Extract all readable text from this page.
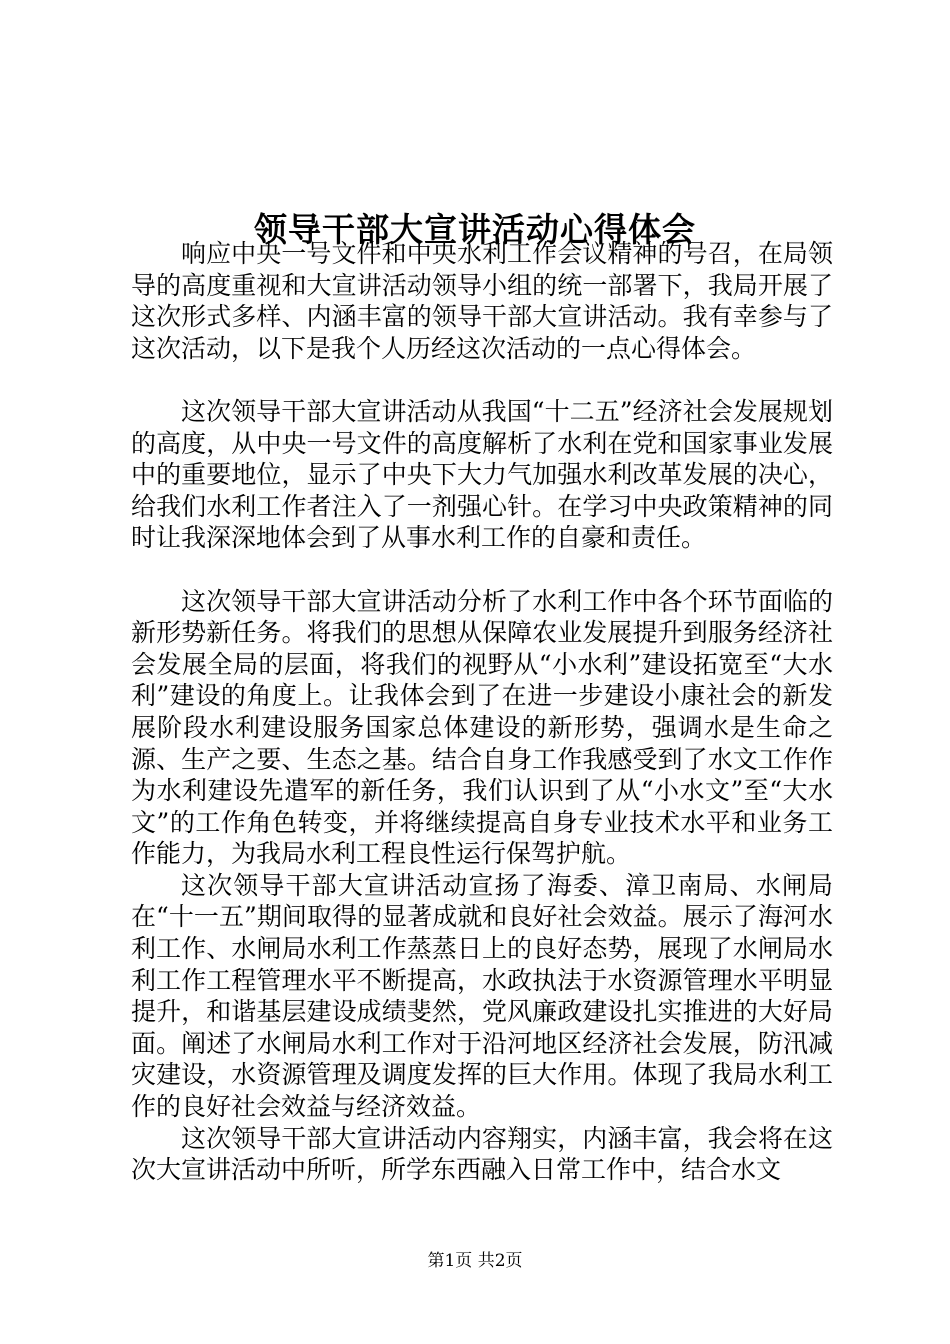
领导干部大宣讲活动心得体会

响应中央一号文件和中央水利工作会议精神的号召，在局领导的高度重视和大宣讲活动领导小组的统一部署下，我局开展了这次形式多样、内涵丰富的领导干部大宣讲活动。我有幸参与了这次活动，以下是我个人历经这次活动的一点心得体会。

这次领导干部大宣讲活动从我国“十二五”经济社会发展规划的高度，从中央一号文件的高度解析了水利在党和国家事业发展中的重要地位，显示了中央下大力气加强水利改革发展的决心，给我们水利工作者注入了一剂强心针。在学习中央政策精神的同时让我深深地体会到了从事水利工作的自豪和责任。

这次领导干部大宣讲活动分析了水利工作中各个环节面临的新形势新任务。将我们的思想从保障农业发展提升到服务经济社会发展全局的层面，将我们的视野从“小水利”建设拓宽至“大水利”建设的角度上。让我体会到了在进一步建设小康社会的新发展阶段水利建设服务国家总体建设的新形势，强调水是生命之源、生产之要、生态之基。结合自身工作我感受到了水文工作作为水利建设先遣军的新任务，我们认识到了从“小水文”至“大水文”的工作角色转变，并将继续提高自身专业技术水平和业务工作能力，为我局水利工程良性运行保驾护航。

这次领导干部大宣讲活动宣扬了海委、漳卫南局、水闸局在“十一五”期间取得的显著成就和良好社会效益。展示了海河水利工作、水闸局水利工作蒸蒸日上的良好态势，展现了水闸局水利工作工程管理水平不断提高，水政执法于水资源管理水平明显提升，和谐基层建设成绩斐然，党风廉政建设扎实推进的大好局面。阐述了水闸局水利工作对于沿河地区经济社会发展，防汛减灾建设，水资源管理及调度发挥的巨大作用。体现了我局水利工作的良好社会效益与经济效益。

这次领导干部大宣讲活动内容翔实，内涵丰富，我会将在这次大宣讲活动中所听，所学东西融入日常工作中，结合水文

第1页 共2页
